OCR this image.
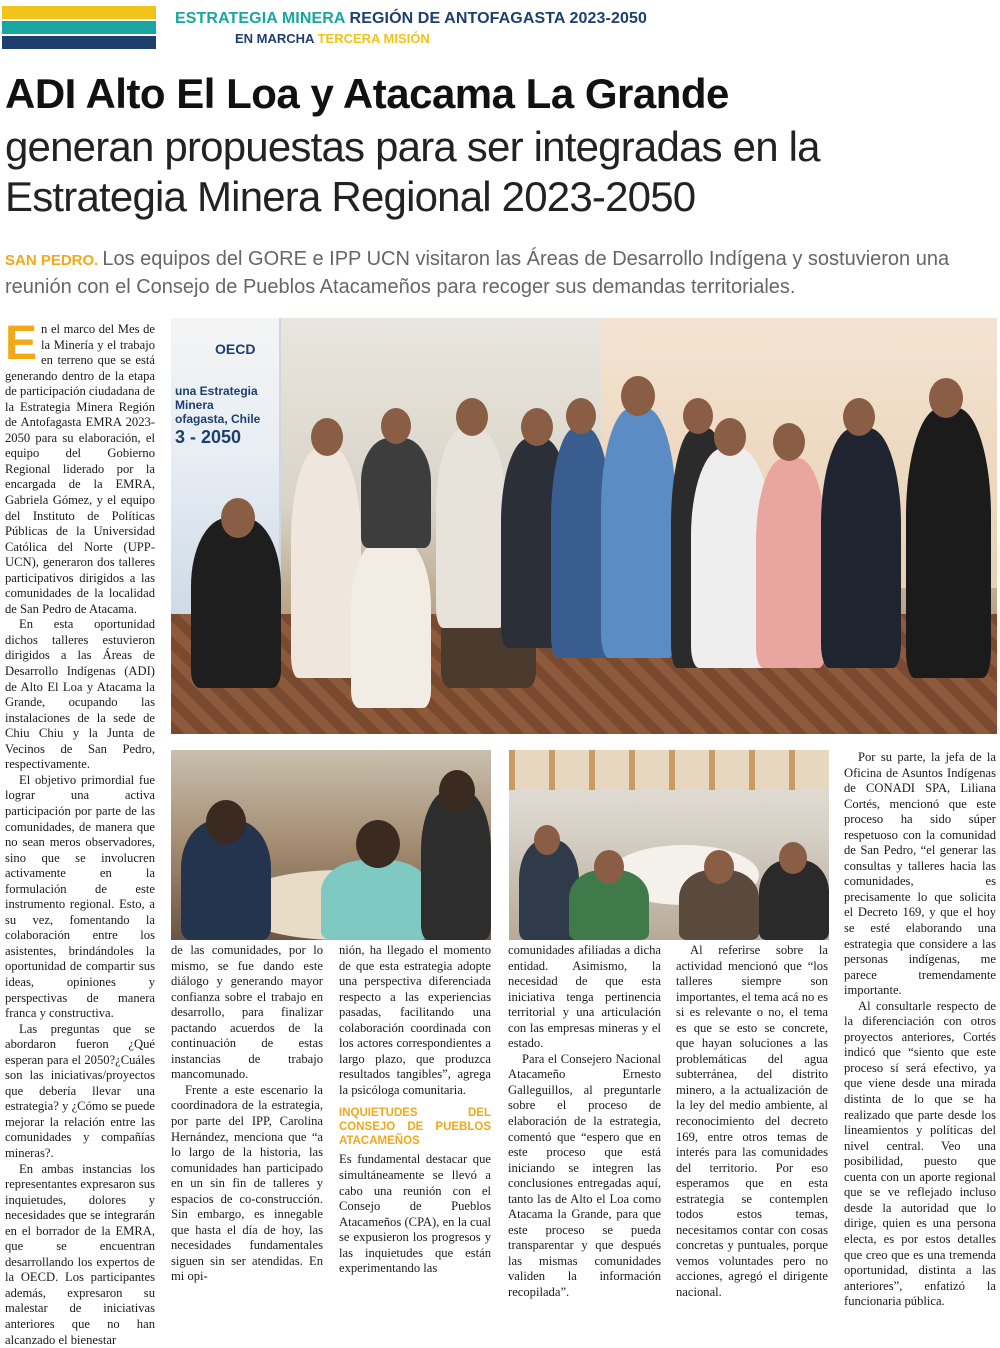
ESTRATEGIA MINERA REGIÓN DE ANTOFAGASTA 2023-2050
EN MARCHA TERCERA MISIÓN
ADI Alto El Loa y Atacama La Grande
generan propuestas para ser integradas en la Estrategia Minera Regional 2023-2050
SAN PEDRO. Los equipos del GORE e IPP UCN visitaron las Áreas de Desarrollo Indígena y sostuvieron una reunión con el Consejo de Pueblos Atacameños para recoger sus demandas territoriales.
OECD
una Estrategia Minera
ofagasta, Chile
3 - 2050

En el marco del Mes de la Minería y el trabajo en terreno que se está generando dentro de la etapa de participación ciudadana de la Estrategia Minera Región de Antofagasta EMRA 2023-2050 para su elaboración, el equipo del Gobierno Regional liderado por la encargada de la EMRA, Gabriela Gómez, y el equipo del Instituto de Políticas Públicas de la Universidad Católica del Norte (UPP- UCN), generaron dos talleres participativos dirigidos a las comunidades de la localidad de San Pedro de Atacama.

En esta oportunidad dichos talleres estuvieron dirigidos a las Áreas de Desarrollo Indígenas (ADI) de Alto El Loa y Atacama la Grande, ocupando las instalaciones de la sede de Chiu Chiu y la Junta de Vecinos de San Pedro, respectivamente.

El objetivo primordial fue lograr una activa participación por parte de las comunidades, de manera que no sean meros observadores, sino que se involucren activamente en la formulación de este instrumento regional. Esto, a su vez, fomentando la colaboración entre los asistentes, brindándoles la oportunidad de compartir sus ideas, opiniones y perspectivas de manera franca y constructiva.

Las preguntas que se abordaron fueron ¿Qué esperan para el 2050?¿Cuáles son las iniciativas/proyectos que debería llevar una estrategia? y ¿Cómo se puede mejorar la relación entre las comunidades y compañías mineras?.

En ambas instancias los representantes expresaron sus inquietudes, dolores y necesidades que se integrarán en el borrador de la EMRA, que se encuentran desarrollando los expertos de la OECD. Los participantes además, expresaron su malestar de iniciativas anteriores que no han alcanzado el bienestar

de las comunidades, por lo mismo, se fue dando este diálogo y generando mayor confianza sobre el trabajo en desarrollo, para finalizar pactando acuerdos de la continuación de estas instancias de trabajo mancomunado.

Frente a este escenario la coordinadora de la estrategia, por parte del IPP, Carolina Hernández, menciona que “a lo largo de la historia, las comunidades han participado en un sin fin de talleres y espacios de co-construcción. Sin embargo, es innegable que hasta el día de hoy, las necesidades fundamentales siguen sin ser atendidas. En mi opi-

nión, ha llegado el momento de que esta estrategia adopte una perspectiva diferenciada respecto a las experiencias pasadas, facilitando una colaboración coordinada con los actores correspondientes a largo plazo, que produzca resultados tangibles”, agrega la psicóloga comunitaria.

INQUIETUDES DEL CONSEJO DE PUEBLOS ATACAMEÑOS

Es fundamental destacar que simultáneamente se llevó a cabo una reunión con el Consejo de Pueblos Atacameños (CPA), en la cual se expusieron los progresos y las inquietudes que están experimentando las

comunidades afiliadas a dicha entidad. Asimismo, la necesidad de que esta iniciativa tenga pertinencia territorial y una articulación con las empresas mineras y el estado.

Para el Consejero Nacional Atacameño Ernesto Galleguillos, al preguntarle sobre el proceso de elaboración de la estrategia, comentó que “espero que en este proceso que está iniciando se integren las conclusiones entregadas aquí, tanto las de Alto el Loa como Atacama la Grande, para que este proceso se pueda transparentar y que después las mismas comunidades validen la información recopilada”.

Al referirse sobre la actividad mencionó que “los talleres siempre son importantes, el tema acá no es si es relevante o no, el tema es que se esto se concrete, que hayan soluciones a las problemáticas del agua subterránea, del distrito minero, a la actualización de la ley del medio ambiente, al reconocimiento del decreto 169, entre otros temas de interés para las comunidades del territorio. Por eso esperamos que en esta estrategia se contemplen todos estos temas, necesitamos contar con cosas concretas y puntuales, porque vemos voluntades pero no acciones, agregó el dirigente nacional.

Por su parte, la jefa de la Oficina de Asuntos Indígenas de CONADI SPA, Liliana Cortés, mencionó que este proceso ha sido súper respetuoso con la comunidad de San Pedro, “el generar las consultas y talleres hacia las comunidades, es precisamente lo que solicita el Decreto 169, y que el hoy se esté elaborando una estrategia que considere a las personas indígenas, me parece tremendamente importante.

Al consultarle respecto de la diferenciación con otros proyectos anteriores, Cortés indicó que “siento que este proceso sí será efectivo, ya que viene desde una mirada distinta de lo que se ha realizado que parte desde los lineamientos y políticas del nivel central. Veo una posibilidad, puesto que cuenta con un aporte regional que se ve reflejado incluso desde la autoridad que lo dirige, quien es una persona electa, es por estos detalles que creo que es una tremenda oportunidad, distinta a las anteriores”, enfatizó la funcionaria pública.
